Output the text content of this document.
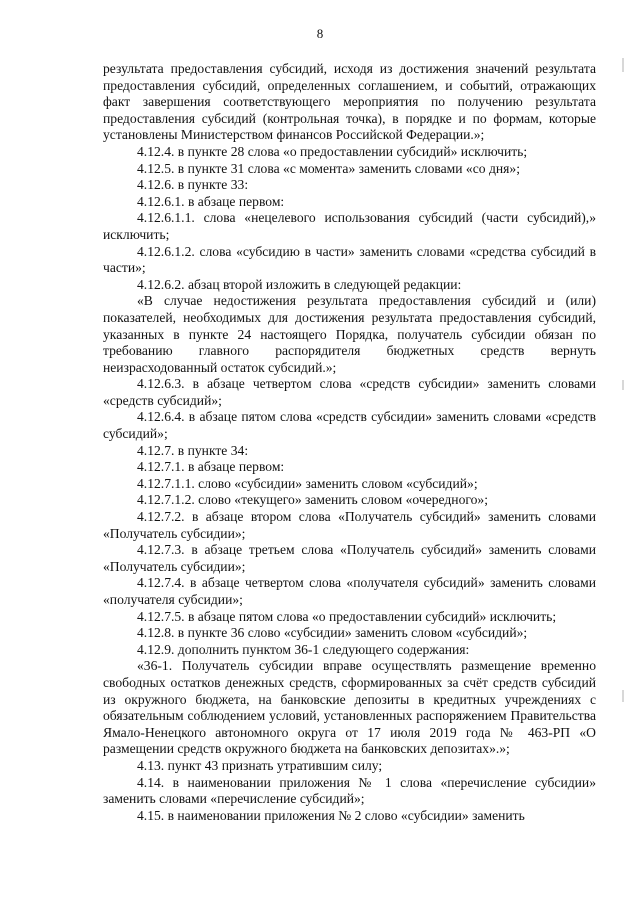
8

результата предоставления субсидий, исходя из достижения значений результата предоставления субсидий, определенных соглашением, и событий, отражающих факт завершения соответствующего мероприятия по получению результата предоставления субсидий (контрольная точка), в порядке и по формам, которые установлены Министерством финансов Российской Федерации.»;

4.12.4. в пункте 28 слова «о предоставлении субсидий» исключить;

4.12.5. в пункте 31 слова «с момента» заменить словами «со дня»;

4.12.6. в пункте 33:

4.12.6.1. в абзаце первом:

4.12.6.1.1. слова «нецелевого использования субсидий (части субсидий),» исключить;

4.12.6.1.2. слова «субсидию в части» заменить словами «средства субсидий в части»;

4.12.6.2. абзац второй изложить в следующей редакции:

«В случае недостижения результата предоставления субсидий и (или) показателей, необходимых для достижения результата предоставления субсидий, указанных в пункте 24 настоящего Порядка, получатель субсидии обязан по требованию главного распорядителя бюджетных средств вернуть неизрасходованный остаток субсидий.»;

4.12.6.3. в абзаце четвертом слова «средств субсидии» заменить словами «средств субсидий»;

4.12.6.4. в абзаце пятом слова «средств субсидии» заменить словами «средств субсидий»;

4.12.7. в пункте 34:

4.12.7.1. в абзаце первом:

4.12.7.1.1. слово «субсидии» заменить словом «субсидий»;

4.12.7.1.2. слово «текущего» заменить словом «очередного»;

4.12.7.2. в абзаце втором слова «Получатель субсидий» заменить словами «Получатель субсидии»;

4.12.7.3. в абзаце третьем слова «Получатель субсидий» заменить словами «Получатель субсидии»;

4.12.7.4. в абзаце четвертом слова «получателя субсидий» заменить словами «получателя субсидии»;

4.12.7.5. в абзаце пятом слова «о предоставлении субсидий» исключить;

4.12.8. в пункте 36 слово «субсидии» заменить словом «субсидий»;

4.12.9. дополнить пунктом 36-1 следующего содержания:

«36-1. Получатель субсидии вправе осуществлять размещение временно свободных остатков денежных средств, сформированных за счёт средств субсидий из окружного бюджета, на банковские депозиты в кредитных учреждениях с обязательным соблюдением условий, установленных распоряжением Правительства Ямало-Ненецкого автономного округа от 17 июля 2019 года № 463-РП «О размещении средств окружного бюджета на банковских депозитах».»;

4.13. пункт 43 признать утратившим силу;

4.14. в наименовании приложения № 1 слова «перечисление субсидии» заменить словами «перечисление субсидий»;

4.15. в наименовании приложения № 2 слово «субсидии» заменить
